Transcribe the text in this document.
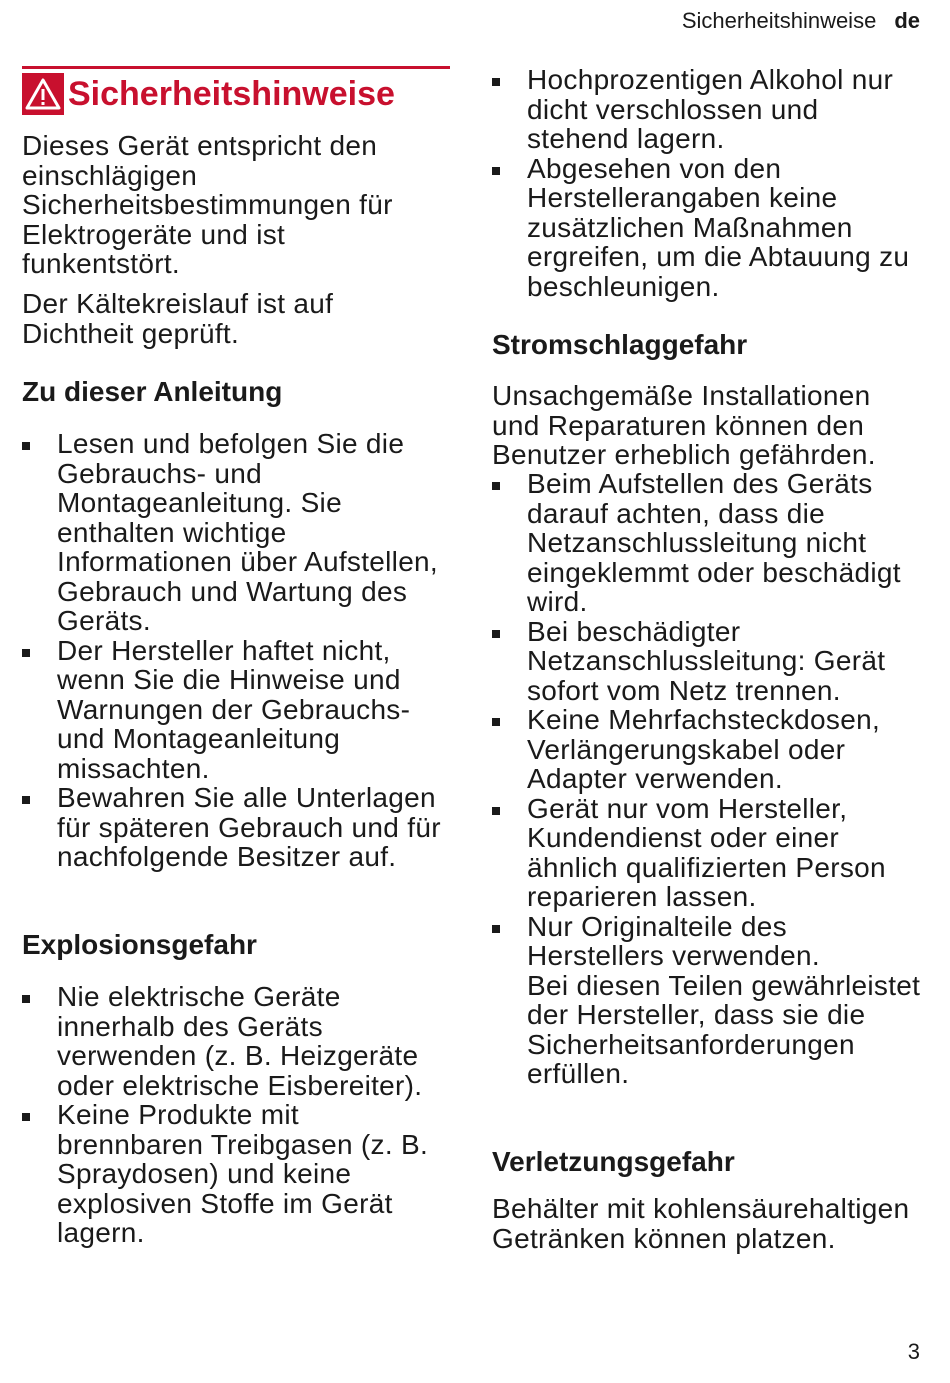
Sicherheitshinweise de
Sicherheitshinweise

Dieses Gerät entspricht den einschlägigen Sicherheitsbestimmungen für Elektrogeräte und ist funkentstört.

Der Kältekreislauf ist auf Dichtheit geprüft.

Zu dieser Anleitung
Lesen und befolgen Sie die Gebrauchs- und Montageanleitung. Sie enthalten wichtige Informationen über Aufstellen, Gebrauch und Wartung des Geräts.
Der Hersteller haftet nicht, wenn Sie die Hinweise und Warnungen der Gebrauchs- und Montageanleitung missachten.
Bewahren Sie alle Unterlagen für späteren Gebrauch und für nachfolgende Besitzer auf.
Explosionsgefahr
Nie elektrische Geräte innerhalb des Geräts verwenden (z. B. Heizgeräte oder elektrische Eisbereiter).
Keine Produkte mit brennbaren Treibgasen (z. B. Spraydosen) und keine explosiven Stoffe im Gerät lagern.
Hochprozentigen Alkohol nur dicht verschlossen und stehend lagern.
Abgesehen von den Herstellerangaben keine zusätzlichen Maßnahmen ergreifen, um die Abtauung zu beschleunigen.
Stromschlaggefahr

Unsachgemäße Installationen und Reparaturen können den Benutzer erheblich gefährden.

Beim Aufstellen des Geräts darauf achten, dass die Netzanschlussleitung nicht eingeklemmt oder beschädigt wird.
Bei beschädigter Netzanschlussleitung: Gerät sofort vom Netz trennen.
Keine Mehrfachsteckdosen, Verlängerungskabel oder Adapter verwenden.
Gerät nur vom Hersteller, Kundendienst oder einer ähnlich qualifizierten Person reparieren lassen.
Nur Originalteile des Herstellers verwenden.
Bei diesen Teilen gewährleistet der Hersteller, dass sie die Sicherheitsanforderungen erfüllen.
Verletzungsgefahr

Behälter mit kohlensäurehaltigen Getränken können platzen.

3
